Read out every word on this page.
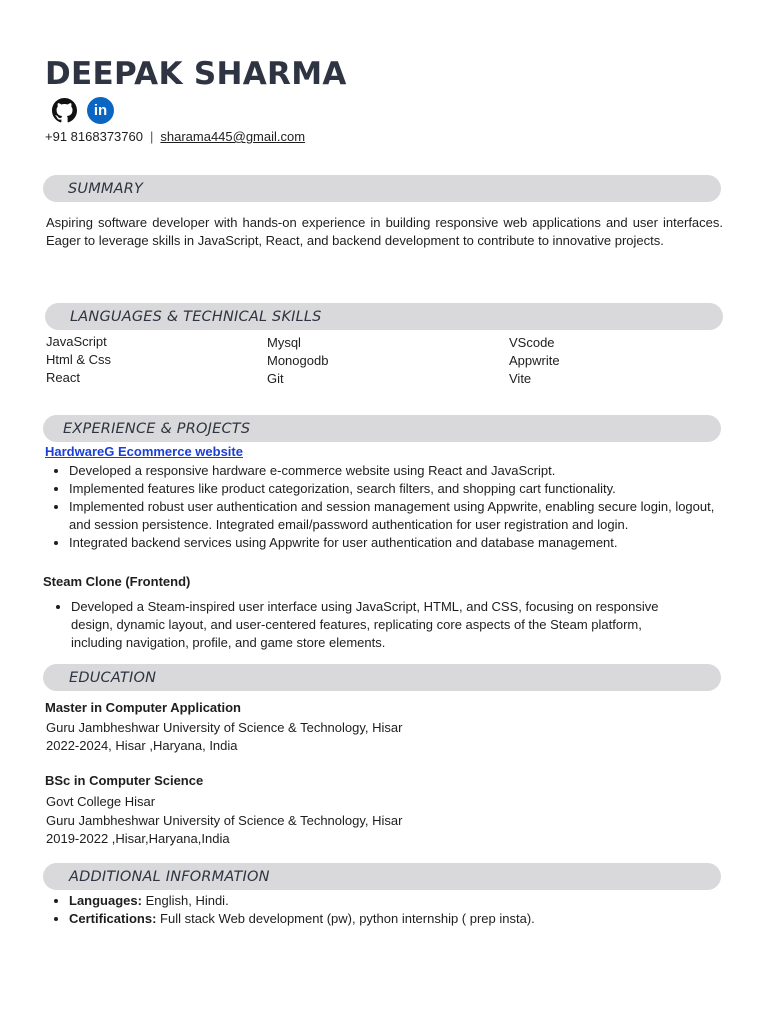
DEEPAK SHARMA
in
+91 8168373760 | sharama445@gmail.com
SUMMARY
Aspiring software developer with hands-on experience in building responsive web applications and user interfaces. Eager to leverage skills in JavaScript, React, and backend development to contribute to innovative projects.
LANGUAGES & TECHNICAL SKILLS
JavaScript
Html & Css
React
Mysql
Monogodb
Git
VScode
Appwrite
Vite
EXPERIENCE & PROJECTS
HardwareG Ecommerce website
• Developed a responsive hardware e-commerce website using React and JavaScript.
• Implemented features like product categorization, search filters, and shopping cart functionality.
• Implemented robust user authentication and session management using Appwrite, enabling secure login, logout, and session persistence. Integrated email/password authentication for user registration and login.
• Integrated backend services using Appwrite for user authentication and database management.
Steam Clone (Frontend)
• Developed a Steam-inspired user interface using JavaScript, HTML, and CSS, focusing on responsive design, dynamic layout, and user-centered features, replicating core aspects of the Steam platform, including navigation, profile, and game store elements.
EDUCATION
Master in Computer Application
Guru Jambheshwar University of Science & Technology, Hisar
2022-2024, Hisar ,Haryana, India
BSc in Computer Science
Govt College Hisar
Guru Jambheshwar University of Science & Technology, Hisar
2019-2022 ,Hisar,Haryana,India
ADDITIONAL INFORMATION
• Languages: English, Hindi.
• Certifications: Full stack Web development (pw), python internship ( prep insta).
